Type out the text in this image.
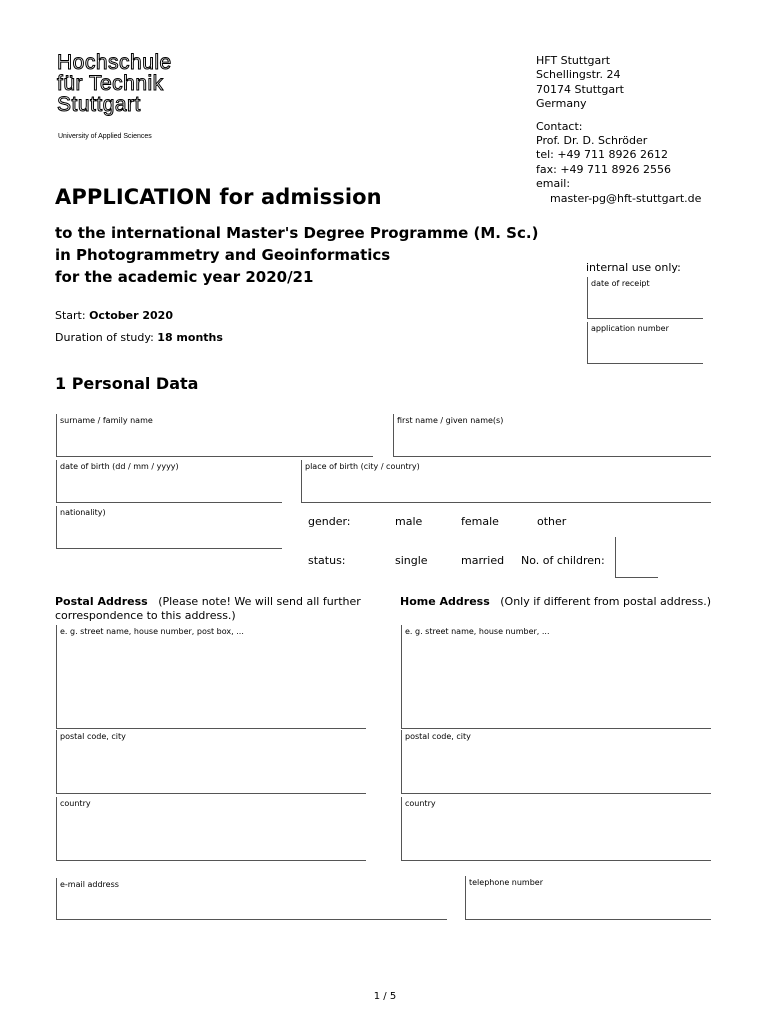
Hochschule
für Technik
Stuttgart
University of Applied Sciences
HFT Stuttgart
Schellingstr. 24
70174 Stuttgart
Germany
Contact:
Prof. Dr. D. Schröder
tel: +49 711 8926 2612
fax: +49 711 8926 2556
email:
master-pg@hft-stuttgart.de
APPLICATION for admission
to the international Master's Degree Programme (M. Sc.)
in Photogrammetry and Geoinformatics
for the academic year 2020/21
internal use only:
date of receipt
application number
Start: October 2020
Duration of study: 18 months
1 Personal Data
surname / family name	first name / given name(s)
date of birth (dd / mm / yyyy)	place of birth (city / country)
nationality)
gender:	male	female	other
status:	single	married No. of children:
Postal Address (Please note! We will send all further correspondence to this address.)
e. g. street name, house number, post box, ...
postal code, city
country
Home Address (Only if different from postal address.)
e. g. street name, house number, ...
postal code, city
country
e-mail address	telephone number
1 / 5
